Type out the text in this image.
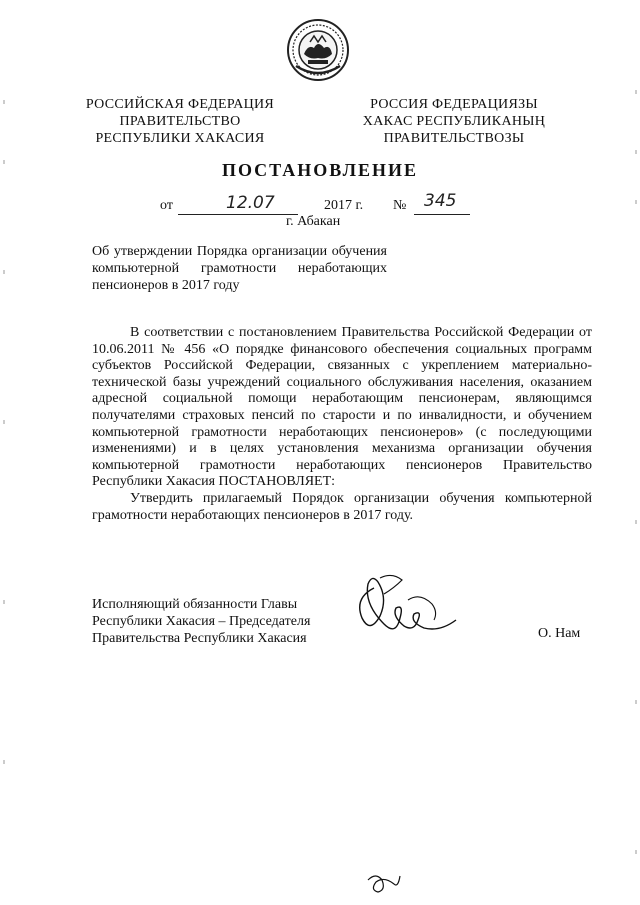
РОССИЙСКАЯ ФЕДЕРАЦИЯ
ПРАВИТЕЛЬСТВО
РЕСПУБЛИКИ ХАКАСИЯ
РОССИЯ ФЕДЕРАЦИЯЗЫ
ХАКАС РЕСПУБЛИКАНЫҢ
ПРАВИТЕЛЬСТВОЗЫ
ПОСТАНОВЛЕНИЕ
от	12.07	2017 г. № 345
г. Абакан
Об утверждении Порядка организации обучения компьютерной грамотности неработающих пенсионеров в 2017 году

В соответствии с постановлением Правительства Российской Федерации от 10.06.2011 № 456 «О порядке финансового обеспечения социальных программ субъектов Российской Федерации, связанных с укреплением материально-технической базы учреждений социального обслуживания населения, оказанием адресной социальной помощи неработающим пенсионерам, являющимся получателями страховых пенсий по старости и по инвалидности, и обучением компьютерной грамотности неработающих пенсионеров» (с последующими изменениями) и в целях установления механизма организации обучения компьютерной грамотности неработающих пенсионеров Правительство Республики Хакасия ПОСТАНОВЛЯЕТ:

Утвердить прилагаемый Порядок организации обучения компьютерной грамотности неработающих пенсионеров в 2017 году.

Исполняющий обязанности Главы
Республики Хакасия – Председателя
Правительства Республики Хакасия	О. Нам
